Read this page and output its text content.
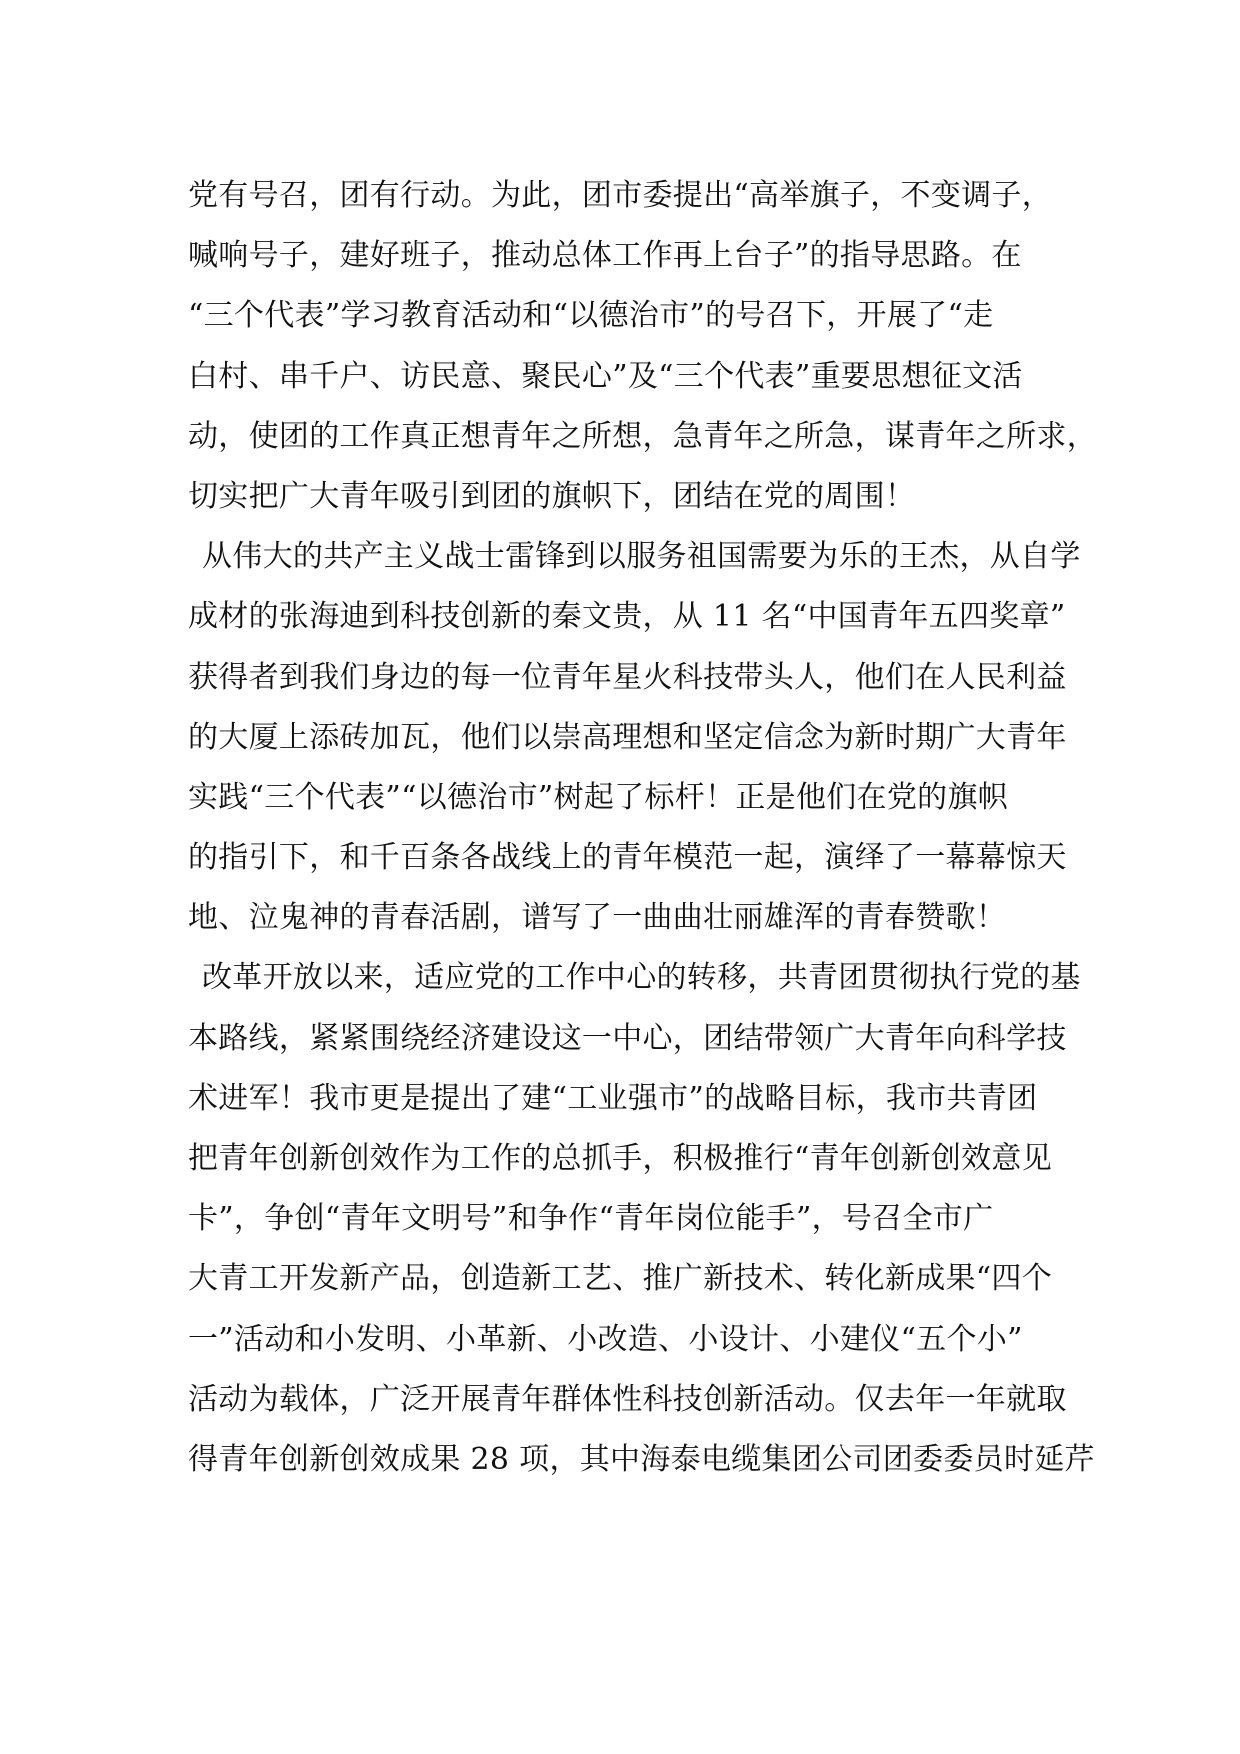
党有号召，团有行动。为此，团市委提出“高举旗子，不变调子，
喊响号子，建好班子，推动总体工作再上台子”的指导思路。在
“三个代表”学习教育活动和“以德治市”的号召下，开展了“走
白村、串千户、访民意、聚民心”及“三个代表”重要思想征文活
动，使团的工作真正想青年之所想，急青年之所急，谋青年之所求，
切实把广大青年吸引到团的旗帜下，团结在党的周围！
从伟大的共产主义战士雷锋到以服务祖国需要为乐的王杰，从自学
成材的张海迪到科技创新的秦文贵，从 11 名“中国青年五四奖章”
获得者到我们身边的每一位青年星火科技带头人，他们在人民利益
的大厦上添砖加瓦，他们以崇高理想和坚定信念为新时期广大青年
实践“三个代表”“以德治市”树起了标杆！正是他们在党的旗帜
的指引下，和千百条各战线上的青年模范一起，演绎了一幕幕惊天
地、泣鬼神的青春活剧，谱写了一曲曲壮丽雄浑的青春赞歌！
改革开放以来，适应党的工作中心的转移，共青团贯彻执行党的基
本路线，紧紧围绕经济建设这一中心，团结带领广大青年向科学技
术进军！我市更是提出了建“工业强市”的战略目标，我市共青团
把青年创新创效作为工作的总抓手，积极推行“青年创新创效意见
卡”，争创“青年文明号”和争作“青年岗位能手”，号召全市广
大青工开发新产品，创造新工艺、推广新技术、转化新成果“四个
一”活动和小发明、小革新、小改造、小设计、小建仪“五个小”
活动为载体，广泛开展青年群体性科技创新活动。仅去年一年就取
得青年创新创效成果 28 项，其中海泰电缆集团公司团委委员时延芹
